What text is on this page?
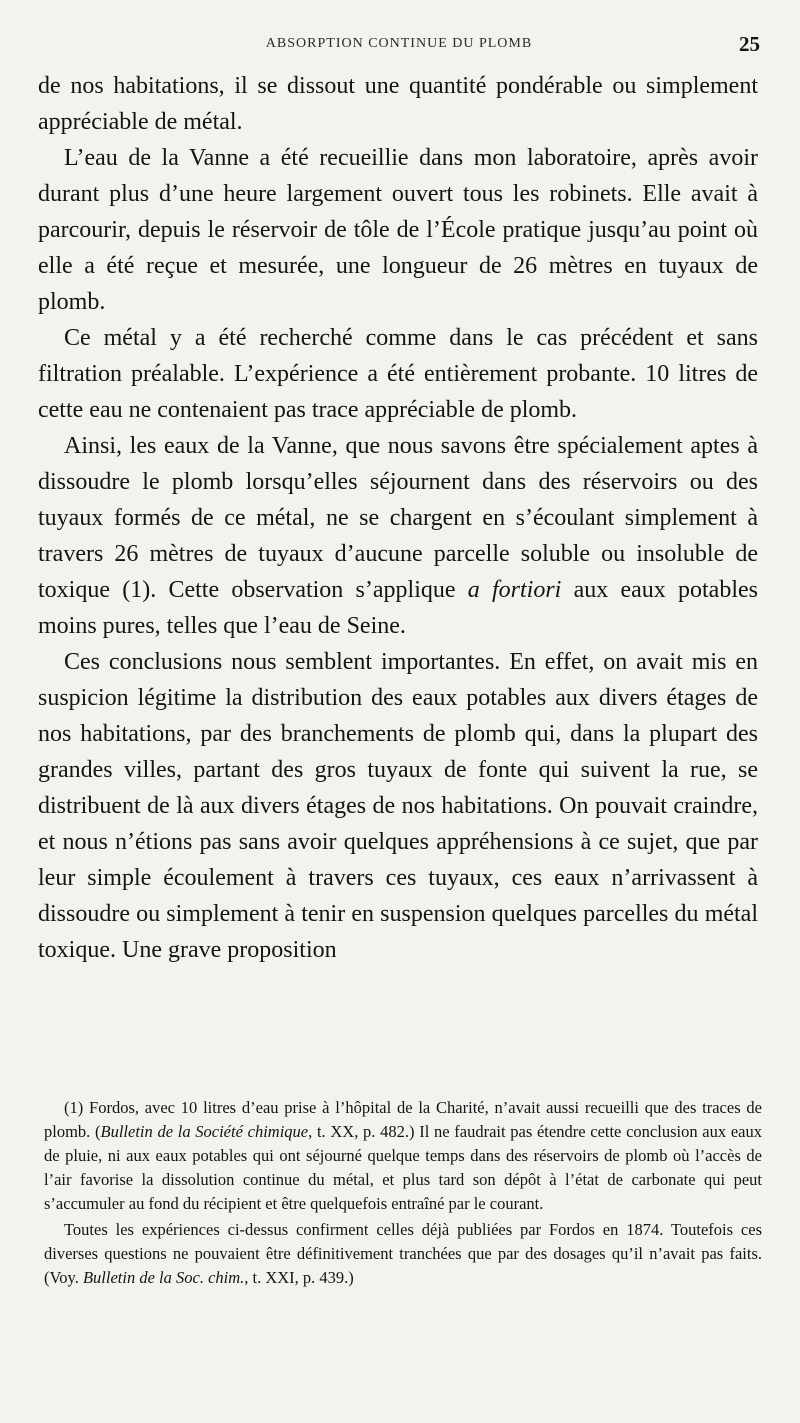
ABSORPTION CONTINUE DU PLOMB	25

de nos habitations, il se dissout une quantité pondérable ou simplement appréciable de métal.

L’eau de la Vanne a été recueillie dans mon laboratoire, après avoir durant plus d’une heure largement ouvert tous les robinets. Elle avait à parcourir, depuis le réservoir de tôle de l’École pratique jusqu’au point où elle a été reçue et mesurée, une longueur de 26 mètres en tuyaux de plomb.

Ce métal y a été recherché comme dans le cas précédent et sans filtration préalable. L’expérience a été entièrement probante. 10 litres de cette eau ne contenaient pas trace appréciable de plomb.

Ainsi, les eaux de la Vanne, que nous savons être spécialement aptes à dissoudre le plomb lorsqu’elles séjournent dans des réservoirs ou des tuyaux formés de ce métal, ne se chargent en s’écoulant simplement à travers 26 mètres de tuyaux d’aucune parcelle soluble ou insoluble de toxique (1). Cette observation s’applique a fortiori aux eaux potables moins pures, telles que l’eau de Seine.

Ces conclusions nous semblent importantes. En effet, on avait mis en suspicion légitime la distribution des eaux potables aux divers étages de nos habitations, par des branchements de plomb qui, dans la plupart des grandes villes, partant des gros tuyaux de fonte qui suivent la rue, se distribuent de là aux divers étages de nos habitations. On pouvait craindre, et nous n’étions pas sans avoir quelques appréhensions à ce sujet, que par leur simple écoulement à travers ces tuyaux, ces eaux n’arrivassent à dissoudre ou simplement à tenir en suspension quelques parcelles du métal toxique. Une grave proposition

(1) Fordos, avec 10 litres d’eau prise à l’hôpital de la Charité, n’avait aussi recueilli que des traces de plomb. (Bulletin de la Société chimique, t. XX, p. 482.) Il ne faudrait pas étendre cette conclusion aux eaux de pluie, ni aux eaux potables qui ont séjourné quelque temps dans des réservoirs de plomb où l’accès de l’air favorise la dissolution continue du métal, et plus tard son dépôt à l’état de carbonate qui peut s’accumuler au fond du récipient et être quelquefois entraîné par le courant.

Toutes les expériences ci-dessus confirment celles déjà publiées par Fordos en 1874. Toutefois ces diverses questions ne pouvaient être définitivement tranchées que par des dosages qu’il n’avait pas faits. (Voy. Bulletin de la Soc. chim., t. XXI, p. 439.)
